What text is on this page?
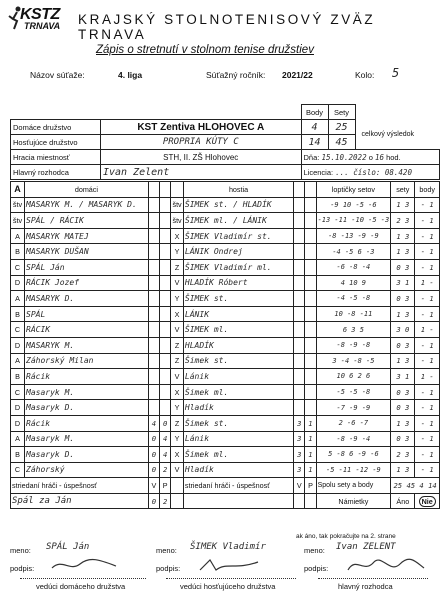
KSTZ
TRNAVA KRAJSKÝ STOLNOTENISOVÝ ZVÄZ TRNAVA
Zápis o stretnutí v stolnom tenise družstiev
Názov súťaže:	4. liga	Súťažný ročník: 2021/22	Kolo: 5
		Body	Sety	
Domáce družstvo	KST Zentiva HLOHOVEC A	4	25	celkový výsledok
Hosťujúce družstvo	PROPRIA KÚTY C	14	45	
Hracia miestnosť	STH, II. ZŠ Hlohovec	Dňa: 15.10.2022 o 16 hod.		
Hlavný rozhodca	Ivan Zelent	Licencia: ... číslo: 08.420		
A	domáci				hostia			loptičky setov	sety	body
štv	MASARYK M. / MASARYK D.			štv	ŠIMEK st. / HLADÍK			-9 10 -5 -6	1 3	- 1
štv	SPÁL / RÁCIK			štv	ŠIMEK ml. / LÁNIK			-13 -11 -10 -5 -3	2 3	- 1
A	MASARYK MATEJ			X	ŠIMEK Vladimír st.			-8 -13 -9 -9	1 3	- 1
B	MASARYK DUŠAN			Y	LÁNIK Ondrej			-4 -5 6 -3	1 3	- 1
C	SPÁL Ján			Z	ŠIMEK Vladimír ml.			-6 -8 -4	0 3	- 1
D	RÁCIK Jozef			V	HLADÍK Róbert			4 10 9	3 1	1 -
A	MASARYK D.			Y	ŠIMEK st.			-4 -5 -8	0 3	- 1
B	SPÁL			X	LÁNIK			10 -8 -11	1 3	- 1
C	RÁCIK			V	ŠIMEK ml.			6 3 5	3 0	1 -
D	MASARYK M.			Z	HLADÍK			-8 -9 -8	0 3	- 1
A	Záhorský Milan			Z	Šimek st.			3 -4 -8 -5	1 3	- 1
B	Rácik			V	Lánik			10 6 2 6	3 1	1 -
C	Masaryk M.			X	Šimek ml.			-5 -5 -8	0 3	- 1
D	Masaryk D.			Y	Hladík			-7 -9 -9	0 3	- 1
D	Rácik	4	0	Z	Šimek st.	3	1	2 -6 -7	1 3	- 1
A	Masaryk M.	0	4	Y	Lánik	3	1	-8 -9 -4	0 3	- 1
B	Masaryk D.	0	4	X	Šimek ml.	3	1	5 -8 6 -9 -6	2 3	- 1
C	Záhorský	0	2	V	Hladík	3	1	-5 -11 -12 -9	1 3	- 1
striedaní hráči - úspešnosť		V	P		striedaní hráči - úspešnosť	V	P	Spolu sety a body	25 45 4 14	
Spál za Ján		0	2					Námietky	Áno	Nie
ak áno, tak pokračujte na 2. strane
meno: SPÁL Ján	meno: ŠIMEK Vladimír	meno: Ivan ZELENT
podpis:	podpis:	podpis:
vedúci domáceho družstva	vedúci hosťujúceho družstva	hlavný rozhodca
